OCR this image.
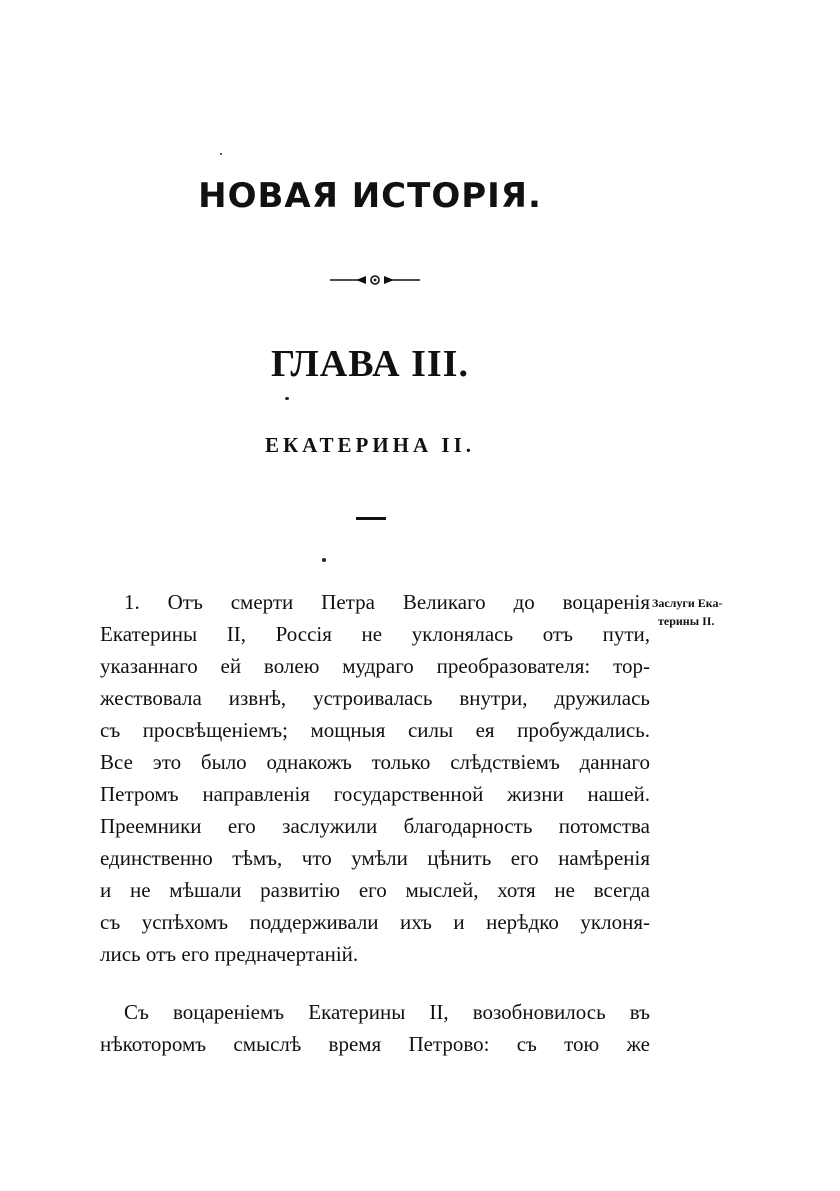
НОВАЯ ИСТОРІЯ.
ГЛАВА III.
ЕКАТЕРИНА II.
Заслуги Ека-
терины II.
1. Отъ смерти Петра Великаго до воцаренія
Екатерины II, Россія не уклонялась отъ пути,
указаннаго ей волею мудраго преобразователя: тор-
жествовала извнѣ, устроивалась внутри, дружилась
съ просвѣщеніемъ; мощныя силы ея пробуждались.
Все это было однакожъ только слѣдствіемъ даннаго
Петромъ направленія государственной жизни нашей.
Преемники его заслужили благодарность потомства
единственно тѣмъ, что умѣли цѣнить его намѣренія
и не мѣшали развитію его мыслей, хотя не всегда
съ успѣхомъ поддерживали ихъ и нерѣдко уклоня-
лись отъ его предначертаній.
Съ воцареніемъ Екатерины II, возобновилось въ
нѣкоторомъ смыслѣ время Петрово: съ тою же
